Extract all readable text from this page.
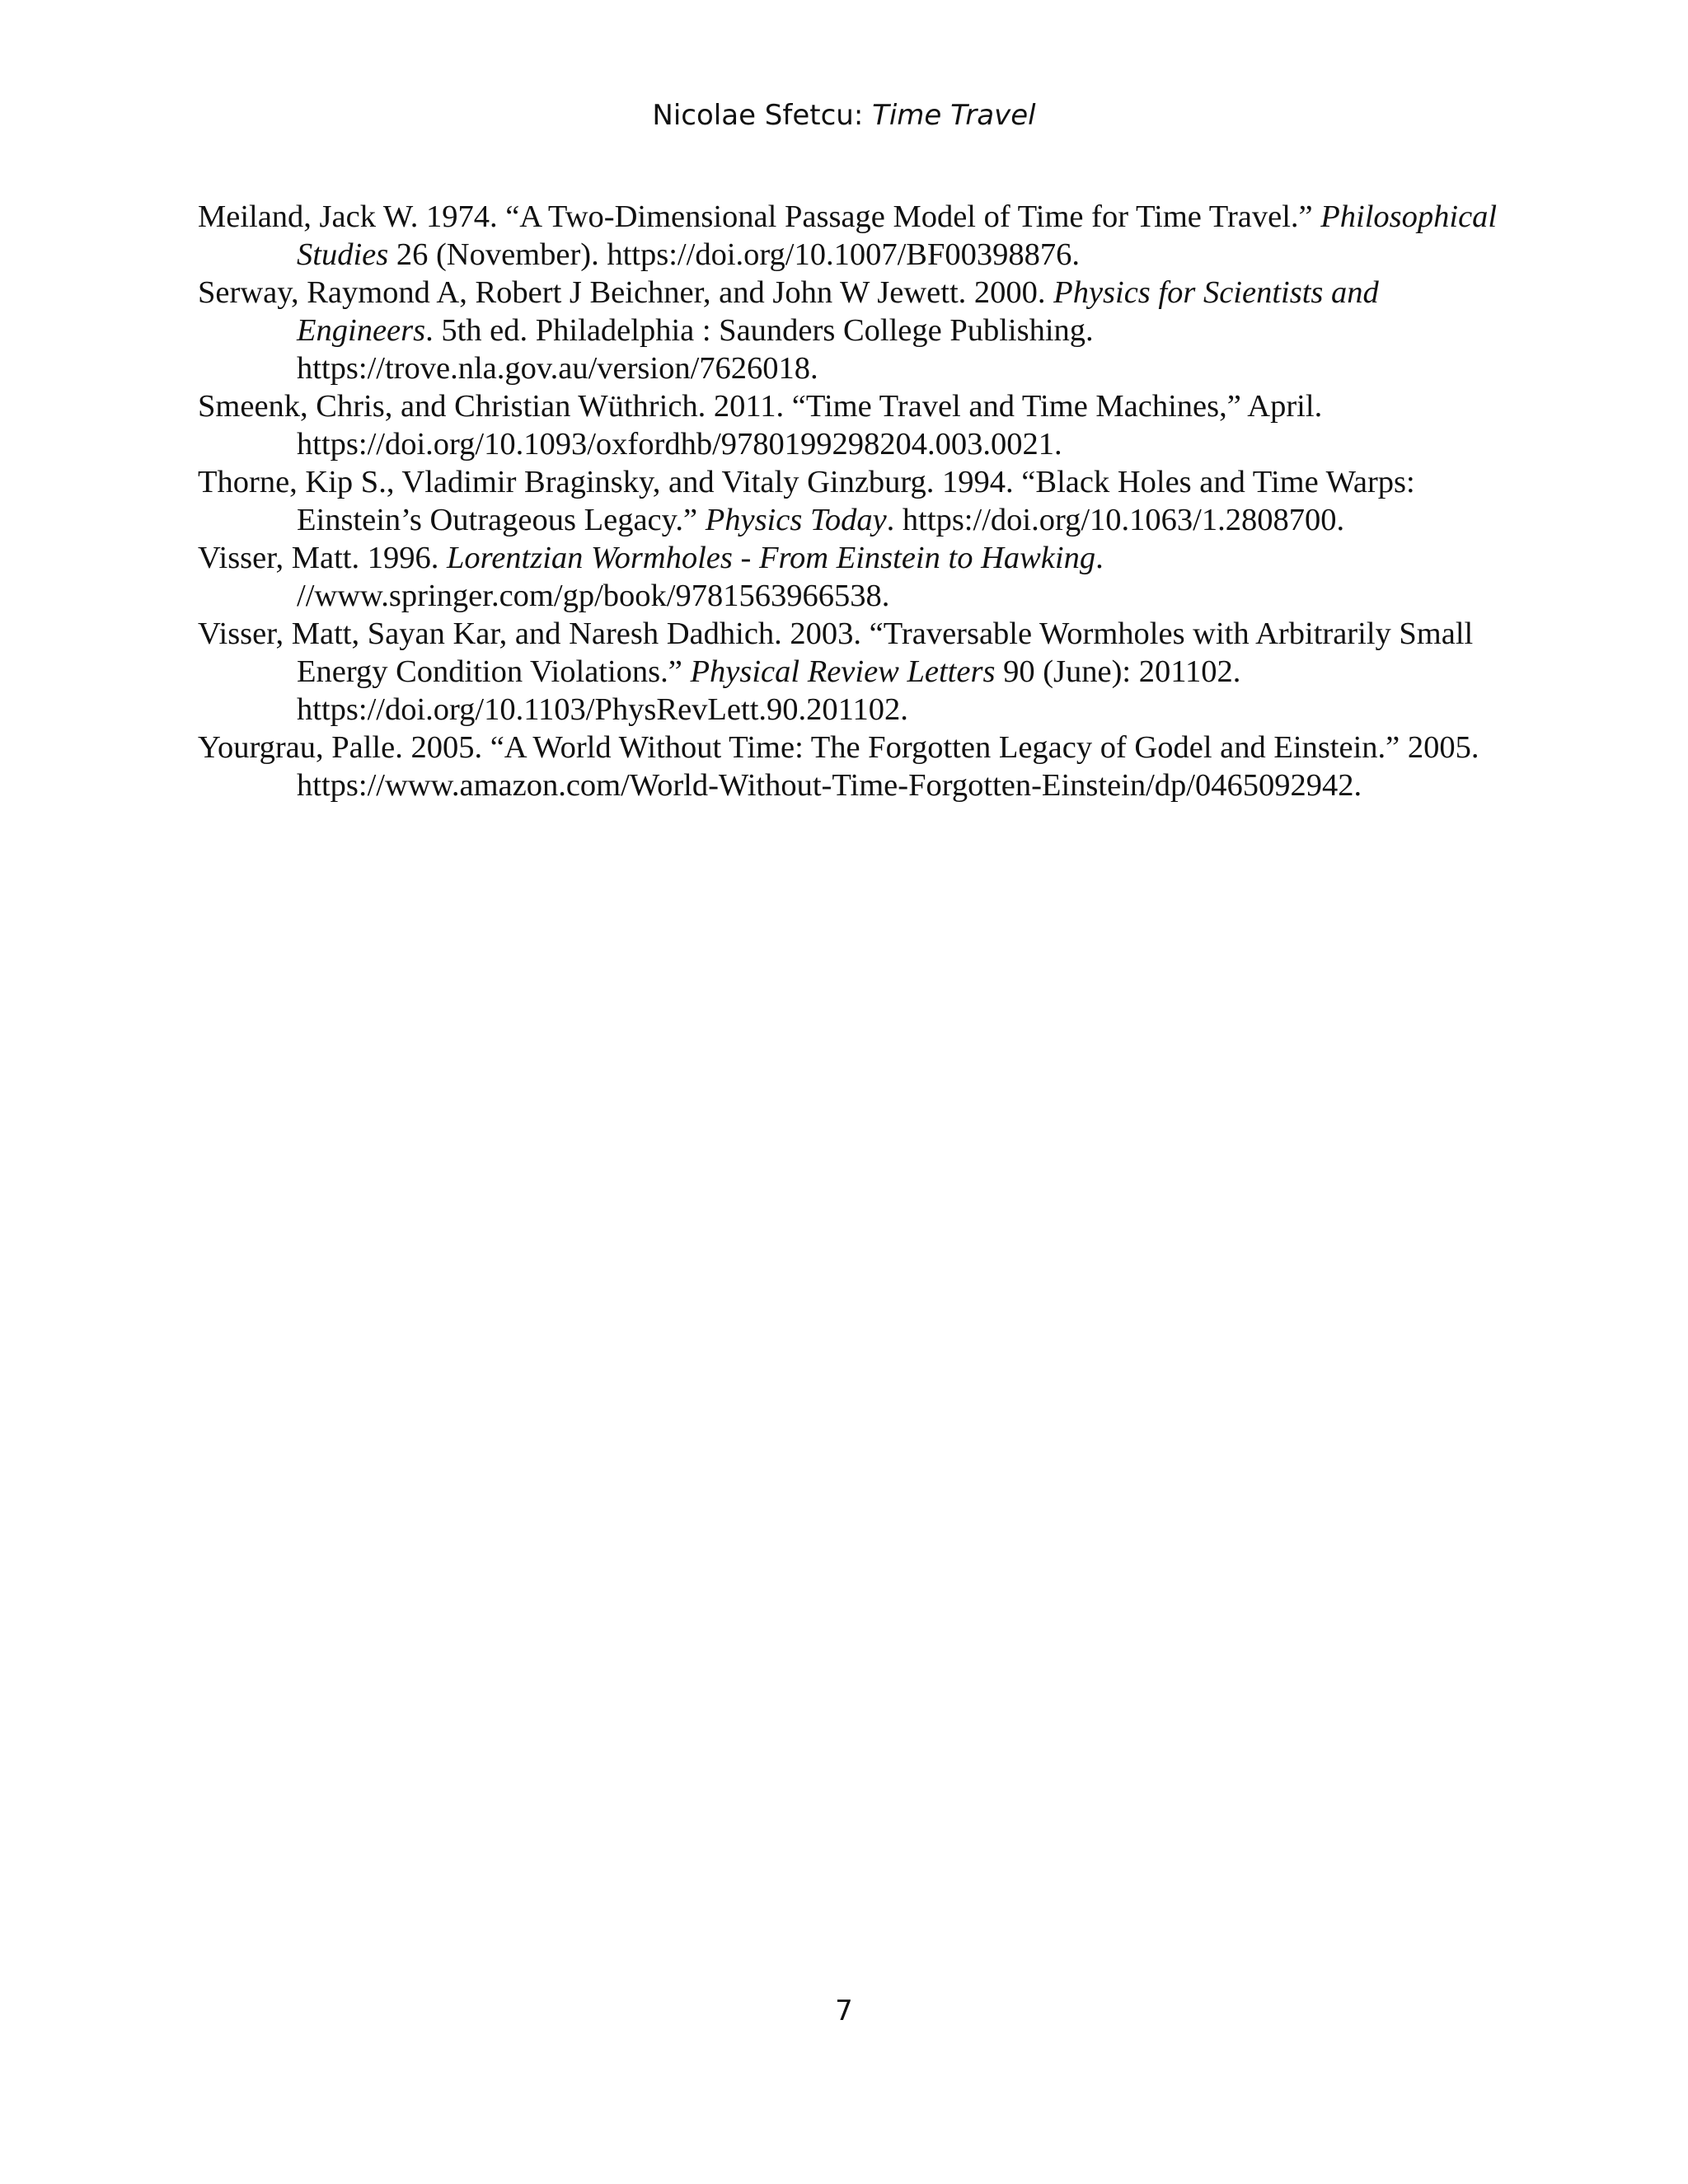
Nicolae Sfetcu: Time Travel
Meiland, Jack W. 1974. “A Two-Dimensional Passage Model of Time for Time Travel.” Philosophical Studies 26 (November). https://doi.org/10.1007/BF00398876.
Serway, Raymond A, Robert J Beichner, and John W Jewett. 2000. Physics for Scientists and Engineers. 5th ed. Philadelphia : Saunders College Publishing. https://trove.nla.gov.au/version/7626018.
Smeenk, Chris, and Christian Wüthrich. 2011. “Time Travel and Time Machines,” April. https://doi.org/10.1093/oxfordhb/9780199298204.003.0021.
Thorne, Kip S., Vladimir Braginsky, and Vitaly Ginzburg. 1994. “Black Holes and Time Warps: Einstein’s Outrageous Legacy.” Physics Today. https://doi.org/10.1063/1.2808700.
Visser, Matt. 1996. Lorentzian Wormholes - From Einstein to Hawking. //www.springer.com/gp/book/9781563966538.
Visser, Matt, Sayan Kar, and Naresh Dadhich. 2003. “Traversable Wormholes with Arbitrarily Small Energy Condition Violations.” Physical Review Letters 90 (June): 201102. https://doi.org/10.1103/PhysRevLett.90.201102.
Yourgrau, Palle. 2005. “A World Without Time: The Forgotten Legacy of Godel and Einstein.” 2005. https://www.amazon.com/World-Without-Time-Forgotten-Einstein/dp/0465092942.
7
